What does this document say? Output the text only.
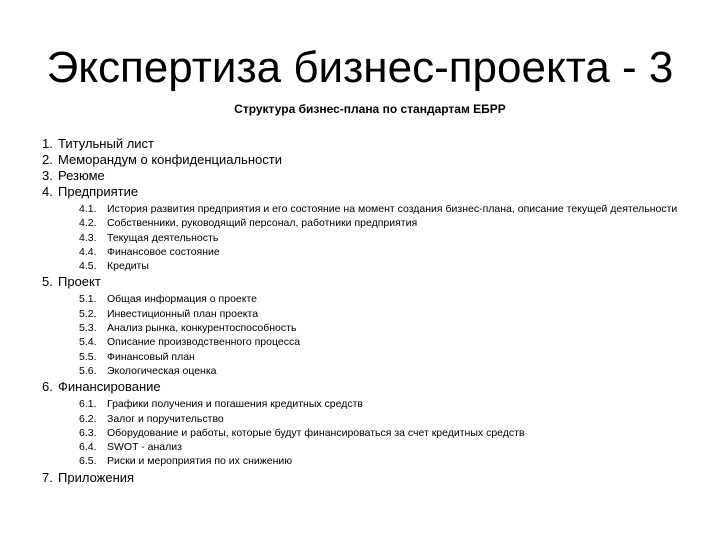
Экспертиза бизнес-проекта - 3
Структура бизнес-плана по стандартам ЕБРР
1. Титульный лист
2. Меморандум о конфиденциальности
3. Резюме
4. Предприятие
4.1. История развития предприятия и его состояние на момент создания бизнес-плана, описание текущей деятельности
4.2. Собственники, руководящий персонал, работники предприятия
4.3. Текущая деятельность
4.4. Финансовое состояние
4.5. Кредиты
5. Проект
5.1. Общая информация о проекте
5.2. Инвестиционный план проекта
5.3. Анализ рынка, конкурентоспособность
5.4. Описание производственного процесса
5.5. Финансовый план
5.6. Экологическая оценка
6. Финансирование
6.1. Графики получения и погашения кредитных средств
6.2. Залог и поручительство
6.3. Оборудование и работы, которые будут финансироваться за счет кредитных средств
6.4. SWOT - анализ
6.5. Риски и мероприятия по их снижению
7. Приложения
